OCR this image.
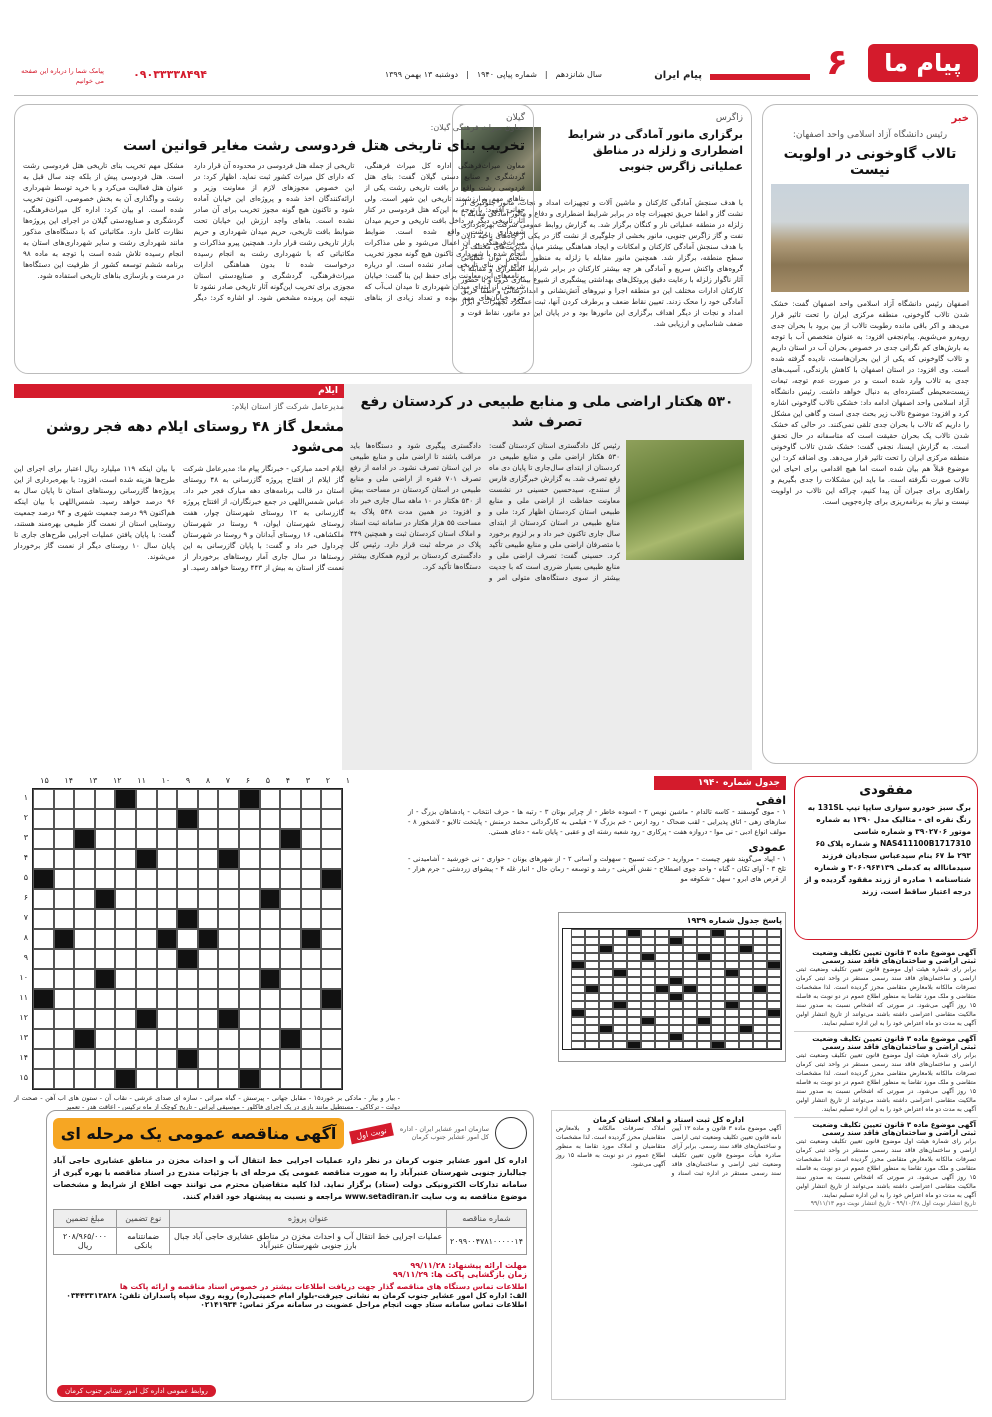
پیام ما
۶
پیام ایران
سال شانزدهم
|
شماره پیاپی ۱۹۴۰
|
دوشنبه ۱۳ بهمن ۱۳۹۹
۰۹۰۳۳۳۳۸۴۹۴
پیامک شما را درباره این صفحه می خوانیم
خبر
رئیس دانشگاه آزاد اسلامی واحد اصفهان:
تالاب گاوخونی در اولویت نیست
اصفهان رئیس دانشگاه آزاد اسلامی واحد اصفهان گفت: خشک شدن تالاب گاوخونی، منطقه مرکزی ایران را تحت تاثیر قرار می‌دهد و اکر باقی مانده رطوبت تالاب از بین برود با بحران جدی روبه‌رو می‌شویم. پیام‌نجفی افزود: به عنوان متخصص آب با توجه به بارش‌های کم نگرانی جدی در خصوص بحران آب در استان داریم و تالاب گاوخونی که یکی از این بحران‌هاست، نادیده گرفته شده است. وی افزود: در استان اصفهان با کاهش بارندگی، آسیب‌های جدی به تالاب وارد شده است و در صورت عدم توجه، تبعات زیست‌محیطی گسترده‌ای به دنبال خواهد داشت. رئیس دانشگاه آزاد اسلامی واحد اصفهان ادامه داد: خشکی تالاب گاوخونی اشاره کرد و افزود: موضوع تالاب زیر بحث جدی است و گاهی این مشکل را داریم که تالاب با بحران جدی تلقی نمی‌کنند. در حالی که خشک شدن تالاب یک بحران حقیقت است که متاسفانه در حال تحقق است. به گزارش ایسنا، نجفی گفت: خشک شدن تالاب گاوخونی منطقه مرکزی ایران را تحت تاثیر قرار می‌دهد. وی اضافه کرد: این موضوع قبلاً هم بیان شده است اما هیچ اقدامی برای احیای این تالاب صورت نگرفته است. ما باید این مشکلات را جدی بگیریم و راهکاری برای جبران آن پیدا کنیم، چراکه این تالاب در اولویت نیست و نیاز به برنامه‌ریزی برای چاره‌جویی است.
زاگرس
برگزاری مانور آمادگی در شرایط اضطراری و زلزله در مناطق عملیاتی زاگرس جنوبی
با هدف سنجش آمادگی کارکنان و ماشین آلات و تجهیزات امداد و نجات، مانور جلوگیری از نشت گاز و اطفا حریق تجهیزات چاه در برابر شرایط اضطراری و دفاع و مانور آمادگی مقابله با زلزله در منطقه عملیاتی نار و کنگان برگزار شد. به گزارش روابط عمومی شرکت بهره‌برداری نفت و گاز زاگرس جنوبی، مانور بخشی از جلوگیری از نشت گاز در یکی از چاه‌های ناحیه دالان با هدف سنجش آمادگی کارکنان و امکانات و ایجاد هماهنگی بیشتر میان مدیریت‌های مختلف در سطح منطقه، برگزار شد. همچنین مانور مقابله با زلزله به منظور سنجش توان عملیاتی گروه‌های واکنش سریع و آمادگی هر چه بیشتر کارکنان در برابر شرایط اضطراری و مقابله با آثار ناگوار زلزله با رعایت دقیق پروتکل‌های بهداشتی پیشگیری از شیوع بیماری کرونا و با حضور کارکنان ادارات مختلف این دو منطقه اجرا و نیروهای آتش‌نشانی و امدادرسانی و اطفا حریق آمادگی خود را محک زدند. تعیین نقاط ضعف و برطرف کردن آنها، ثبت عملکرد تجهیزات و ابزار امداد و نجات از دیگر اهداف برگزاری این مانورها بود و در پایان این دو مانور، نقاط قوت و ضعف شناسایی و ارزیابی شد.
گیلان
معاون میراث فرهنگی گیلان:
تخریب بنای تاریخی هتل فردوسی رشت مغایر قوانین است
معاون میراث‌فرهنگی اداره کل میراث فرهنگی، گردشگری و صنایع دستی گیلان گفت: بنای هتل فردوسی رشت واقع در بافت تاریخی رشت یکی از بناهای مهم و ارزشمند تاریخی این شهر است. ولی جهانی افزود: با توجه به این‌که هتل فردوسی در کنار آثار تاریخی دیگر در داخل بافت تاریخی و حریم میدان شهرداری رشت واقع شده است. ضوابط میراث‌فرهنگی بر آن اعمال می‌شود و طی مذاکرات انجام شده با شهرداری تاکنون هیچ گونه مجوز تخریب برای این بنای تاریخی صادر نشده است. او درباره برنامه‌های این معاونت برای حفظ این بنا گفت: خیابان شریعتی از ابتدای میدان شهرداری تا میدان لب‌آب که جزو خیابان‌های مهم بوده و تعداد زیادی از بناهای تاریخی از جمله هتل فردوسی در محدوده آن قرار دارد که دارای کل میراث کشور ثبت نماید. اظهار کرد: در این خصوص مجوزهای لازم از معاونت وزیر و ارائه‌کنندگان اخذ شده و پروژه‌ای این خیابان آماده شود و تاکنون هیچ گونه مجوز تخریب برای آن صادر نشده است. بناهای واجد ارزش این خیابان تحت ضوابط بافت تاریخی، حریم میدان شهرداری و حریم بازار تاریخی رشت قرار دارد. همچنین پیرو مذاکرات و مکاتباتی که با شهرداری رشت به انجام رسیده درخواست شده تا بدون هماهنگی ادارات میراث‌فرهنگی، گردشگری و صنایع‌دستی استان مجوزی برای تخریب این‌گونه آثار تاریخی صادر نشود تا نتیجه این پرونده مشخص شود. او اشاره کرد: دیگر مشکل مهم تخریب بنای تاریخی هتل فردوسی رشت است. هتل فردوسی پیش از بلکه چند سال قبل به عنوان هتل فعالیت می‌کرد و با خرید توسط شهرداری رشت و واگذاری آن به بخش خصوصی، اکنون تخریب شده است. او بیان کرد: اداره کل میراث‌فرهنگی، گردشگری و صنایع‌دستی گیلان در اجرای این پروژه‌ها نظارت کامل دارد. مکاتباتی که با دستگاه‌های مذکور مانند شهرداری رشت و سایر شهرداری‌های استان به انجام رسیده تلاش شده است با توجه به ماده ۹۸ برنامه ششم توسعه کشور از ظرفیت این دستگاه‌ها در مرمت و بازسازی بناهای تاریخی استفاده شود.
۵۳۰ هکتار اراضی ملی و منابع طبیعی در کردستان رفع تصرف شد
رئیس کل دادگستری استان کردستان گفت: ۵۳۰ هکتار اراضی ملی و منابع طبیعی در کردستان از ابتدای سال‌جاری تا پایان دی ماه رفع تصرف شد. به گزارش خبرگزاری فارس از سنندج، سیدحسین حسینی در نشست معاونت حفاظت از اراضی ملی و منابع طبیعی استان کردستان اظهار کرد: ملی و منابع طبیعی در استان کردستان از ابتدای سال جاری تاکنون خبر داد و بر لزوم برخورد با متصرفان اراضی ملی و منابع طبیعی تأکید کرد. حسینی گفت: تصرف اراضی ملی و منابع طبیعی بسیار ضرری است که با جدیت بیشتر از سوی دستگاه‌های متولی امر و دادگستری پیگیری شود و دستگاه‌ها باید مراقب باشند تا اراضی ملی و منابع طبیعی در این استان تصرف نشود. در ادامه از رفع تصرف ۷۰۱ فقره از اراضی ملی و منابع طبیعی در استان کردستان در مساحت بیش از ۵۳۰ هکتار در ۱۰ ماهه سال جاری خبر داد و افزود: در همین مدت ۵۳۸ پلاک به مساحت ۵۵ هزار هکتار در سامانه ثبت اسناد و املاک استان کردستان ثبت و همچنین ۴۴۹ پلاک در مرحله ثبت قرار دارد. رئیس کل دادگستری کردستان بر لزوم همکاری بیشتر دستگاه‌ها تأکید کرد.
ایلام
مدیرعامل شرکت گاز استان ایلام:
مشعل گاز ۴۸ روستای ایلام دهه فجر روشن می‌شود
ایلام احمد مبارکی - خبرنگار پیام ما: مدیرعامل شرکت گاز ایلام از افتتاح پروژه گازرسانی به ۴۸ روستای استان در قالب برنامه‌های دهه مبارک فجر خبر داد. عباس شمس‌اللهی در جمع خبرنگاران، از افتتاح پروژه گازرسانی به ۱۲ روستای شهرستان چوار، هفت روستای شهرستان ایوان، ۹ روستا در شهرستان ملکشاهی، ۱۶ روستای آبدانان و ۹ روستا در شهرستان چرداول خبر داد و گفت: با پایان گازرسانی به این روستاها در سال جاری آمار روستاهای برخوردار از نعمت گاز استان به بیش از ۴۴۳ روستا خواهد رسید. او با بیان اینکه ۱۱۹ میلیارد ریال اعتبار برای اجرای این طرح‌ها هزینه شده است، افزود: با بهره‌برداری از این پروژه‌ها گازرسانی روستاهای استان تا پایان سال به ۹۶ درصد خواهد رسید. شمس‌اللهی با بیان اینکه هم‌اکنون ۹۹ درصد جمعیت شهری و ۹۴ درصد جمعیت روستایی استان از نعمت گاز طبیعی بهره‌مند هستند، گفت: با پایان یافتن عملیات اجرایی طرح‌های جاری تا پایان سال ۱۰ روستای دیگر از نعمت گاز برخوردار می‌شوند.
مفقودی
برگ سبز خودرو سواری سایپا تیپ 131SL به رنگ نقره ای - متالیک مدل ۱۳۹۰ به شماره موتور ۳۹۰۲۷۰۶ و شماره شاسی NAS411100B1717310 و شماره پلاک ۶۵ ۲۹۳ ط ۶۷ بنام سیدعباس سجادیان فرزند سیدمانااله به کدملی ۳۰۶۰۹۶۴۱۳۹ و شماره شناسنامه ۱ صادره از زرند مفقود گردیده و از درجه اعتبار ساقط است. زرند
آگهی موضوع ماده ۳ قانون تعیین تکلیف وضعیت ثبتی اراضی و ساختمان‌های فاقد سند رسمی
برابر رای شماره هیئت اول موضوع قانون تعیین تکلیف وضعیت ثبتی اراضی و ساختمان‌های فاقد سند رسمی مستقر در واحد ثبتی کرمان تصرفات مالکانه بلامعارض متقاضی محرز گردیده است. لذا مشخصات متقاضی و ملک مورد تقاضا به منظور اطلاع عموم در دو نوبت به فاصله ۱۵ روز آگهی می‌شود. در صورتی که اشخاص نسبت به صدور سند مالکیت متقاضی اعتراضی داشته باشند می‌توانند از تاریخ انتشار اولین آگهی به مدت دو ماه اعتراض خود را به این اداره تسلیم نمایند.
آگهی موضوع ماده ۳ قانون تعیین تکلیف وضعیت ثبتی اراضی و ساختمان‌های فاقد سند رسمی
برابر رای شماره هیئت اول موضوع قانون تعیین تکلیف وضعیت ثبتی اراضی و ساختمان‌های فاقد سند رسمی مستقر در واحد ثبتی کرمان تصرفات مالکانه بلامعارض متقاضی محرز گردیده است. لذا مشخصات متقاضی و ملک مورد تقاضا به منظور اطلاع عموم در دو نوبت به فاصله ۱۵ روز آگهی می‌شود. در صورتی که اشخاص نسبت به صدور سند مالکیت متقاضی اعتراضی داشته باشند می‌توانند از تاریخ انتشار اولین آگهی به مدت دو ماه اعتراض خود را به این اداره تسلیم نمایند.
آگهی موضوع ماده ۳ قانون تعیین تکلیف وضعیت ثبتی اراضی و ساختمان‌های فاقد سند رسمی
برابر رای شماره هیئت اول موضوع قانون تعیین تکلیف وضعیت ثبتی اراضی و ساختمان‌های فاقد سند رسمی مستقر در واحد ثبتی کرمان تصرفات مالکانه بلامعارض متقاضی محرز گردیده است. لذا مشخصات متقاضی و ملک مورد تقاضا به منظور اطلاع عموم در دو نوبت به فاصله ۱۵ روز آگهی می‌شود. در صورتی که اشخاص نسبت به صدور سند مالکیت متقاضی اعتراضی داشته باشند می‌توانند از تاریخ انتشار اولین آگهی به مدت دو ماه اعتراض خود را به این اداره تسلیم نمایند.
تاریخ انتشار نوبت اول ۹۹/۱۰/۲۸ - تاریخ انتشار نوبت دوم ۹۹/۱۱/۱۳
جدول شماره ۱۹۴۰
افقی
۱ - موی گوسفند - کاسه تالدام - ماشین نویس ۲ - اسوده خاطر - از چرایر بوتان ۳ - رتبه ها - حرف انتخاب - پادشاهان بزرگ - از سازهای زهی - اتاق پذیرایی - لقب ضحاک - رود ارس - خم بزرگ ۷ - فیلمی به کارگردانی محمد درمنش - پایتخت تالایو - لاشخور ۸ - مولف انواع ادبی - نی موا - دروازه هفت - پرکاری - رود شعبه رشته ای و عقبی - پایان نامه - دعای هستی.
عمودی
۱ - اپیاد می‌گویند شهر چیست - مروارید - حرکت تسبیح - سهولت و آسانی ۲ - از شهرهای یونان - حواری - نی خورشید - آشامیدنی - تلخ ۳ - آوای تکان - گناه - واحد جوی اصطلاح - نقش آفرینی - رشد و توسعه - زمان حال - انبار غله ۴ - پیشوای زردشتی - جرم هزار - از قرص های ابرو - سهل - شکوفه مو
پاسخ جدول شماره ۱۹۳۹
۱
۲
۳
۴
۵
۶
۷
۸
۹
۱۰
۱۱
۱۲
۱۳
۱۴
۱۵
۱
۲
۳
۴
۵
۶
۷
۸
۹
۱۰
۱۱
۱۲
۱۳
۱۴
۱۵
- بیار و بیار - مادکی بر خورد۱۵ - مقابل جهانی - پیرسش - گیاه میراثی - سازه ای صدای عرشی - نقاب آن - ستون های اب آهن - صحت از دولت - ترکاکی - مستطیل مانند بازی در یک اجرای فاکلور - موسیقی ایرانی - تاریخ کوچک از ماه نرکیس - اعاقت هدر - تعمیر
اداره کل ثبت اسناد و املاک استان کرمان
آگهی موضوع ماده ۳ قانون و ماده ۱۳ آیین نامه قانون تعیین تکلیف وضعیت ثبتی اراضی و ساختمان‌های فاقد سند رسمی. برابر آرای صادره هیأت موضوع قانون تعیین تکلیف وضعیت ثبتی اراضی و ساختمان‌های فاقد سند رسمی مستقر در اداره ثبت اسناد و املاک تصرفات مالکانه و بلامعارض متقاضیان محرز گردیده است. لذا مشخصات متقاضیان و املاک مورد تقاضا به منظور اطلاع عموم در دو نوبت به فاصله ۱۵ روز آگهی می‌شود.
سازمان امور عشایر ایران - اداره کل امور عشایر جنوب کرمان
نوبت اول
آگهی مناقصه عمومی یک مرحله ای
اداره کل امور عشایر جنوب کرمان در نظر دارد عملیات اجرایی خط انتقال آب و احداث مخزن در مناطق عشایری حاجی آباد جبالبارز جنوبی شهرستان عنبرآباد را به صورت مناقصه عمومی یک مرحله ای با جزئیات مندرج در اسناد مناقصه با بهره گیری از سامانه تدارکات الکترونیکی دولت (ستاد) برگزار نماید. لذا کلیه متقاضیان محترم می توانند جهت اطلاع از شرایط و مشخصات موضوع مناقصه به وب سایت www.setadiran.ir مراجعه و نسبت به پیشنهاد خود اقدام کنند.
شماره مناقصه	عنوان پروژه	نوع تضمین	مبلغ تضمین
۲۰۹۹۰۰۴۷۸۱۰۰۰۰۰۱۴	عملیات اجرایی خط انتقال آب و احداث مخزن در مناطق عشایری حاجی آباد جبال بارز جنوبی شهرستان عنبرآباد	ضمانتنامه بانکی	۲۰۸/۹۶۵/۰۰۰ ریال
مهلت ارائه پیشنهاد: ۹۹/۱۱/۲۸
زمان بازگشایی پاکت ها: ۹۹/۱۱/۲۹
اطلاعات تماس دستگاه های مناقصه گذار جهت دریافت اطلاعات بیشتر در خصوص اسناد مناقصه و ارائه پاکت ها
الف: اداره کل امور عشایر جنوب کرمان به نشانی جیرفت-بلوار امام خمینی(ره) روبه روی سپاه پاسداران تلفن: ۰۳۴۴۳۳۱۳۸۲۸
اطلاعات تماس سامانه ستاد جهت انجام مراحل عضویت در سامانه مرکز تماس: ۰۲۱۴۱۹۳۴
روابط عمومی اداره کل امور عشایر جنوب کرمان
